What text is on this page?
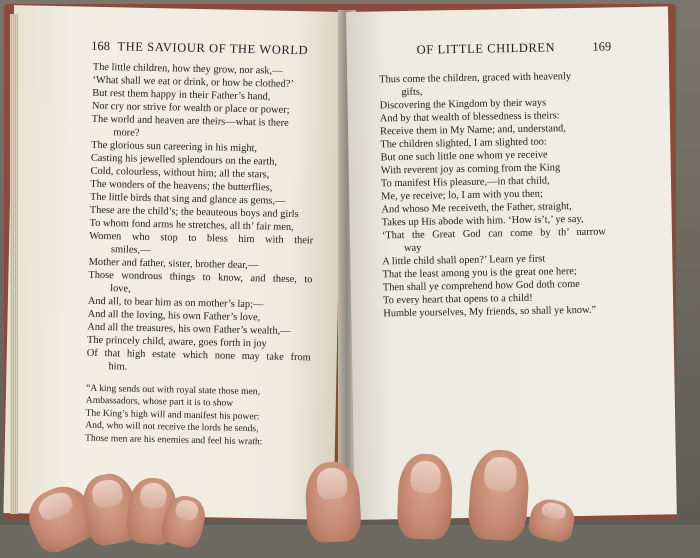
168 THE SAVIOUR OF THE WORLD
The little children, how they grow, nor ask,—
‘What shall we eat or drink, or how be clothed?’
But rest them happy in their Father’s hand,
Nor cry nor strive for wealth or place or power;
The world and heaven are theirs—what is there
more?
The glorious sun careering in his might,
Casting his jewelled splendours on the earth,
Cold, colourless, without him; all the stars,
The wonders of the heavens; the butterflies,
The little birds that sing and glance as gems,—
These are the child’s; the beauteous boys and girls
To whom fond arms he stretches, all th’ fair men,
Women who stop to bless him with their
smiles,—
Mother and father, sister, brother dear,—
Those wondrous things to know, and these, to
love,
And all, to bear him as on mother’s lap;—
And all the loving, his own Father’s love,
And all the treasures, his own Father’s wealth,—
The princely child, aware, goes forth in joy
Of that high estate which none may take from
him.
“A king sends out with royal state those men,
Ambassadors, whose part it is to show
The King’s high will and manifest his power:
And, who will not receive the lords he sends,
Those men are his enemies and feel his wrath:
OF LITTLE CHILDREN	169
Thus come the children, graced with heavenly
gifts,
Discovering the Kingdom by their ways
And by that wealth of blessedness is theirs:
Receive them in My Name; and, understand,
The children slighted, I am slighted too:
But one such little one whom ye receive
With reverent joy as coming from the King
To manifest His pleasure,—in that child,
Me, ye receive; lo, I am with you then;
And whoso Me receiveth, the Father, straight,
Takes up His abode with him. ‘How is’t,’ ye say,
‘That the Great God can come by th’ narrow
way
A little child shall open?’ Learn ye first
That the least among you is the great one here;
Then shall ye comprehend how God doth come
To every heart that opens to a child!
Humble yourselves, My friends, so shall ye know.”
